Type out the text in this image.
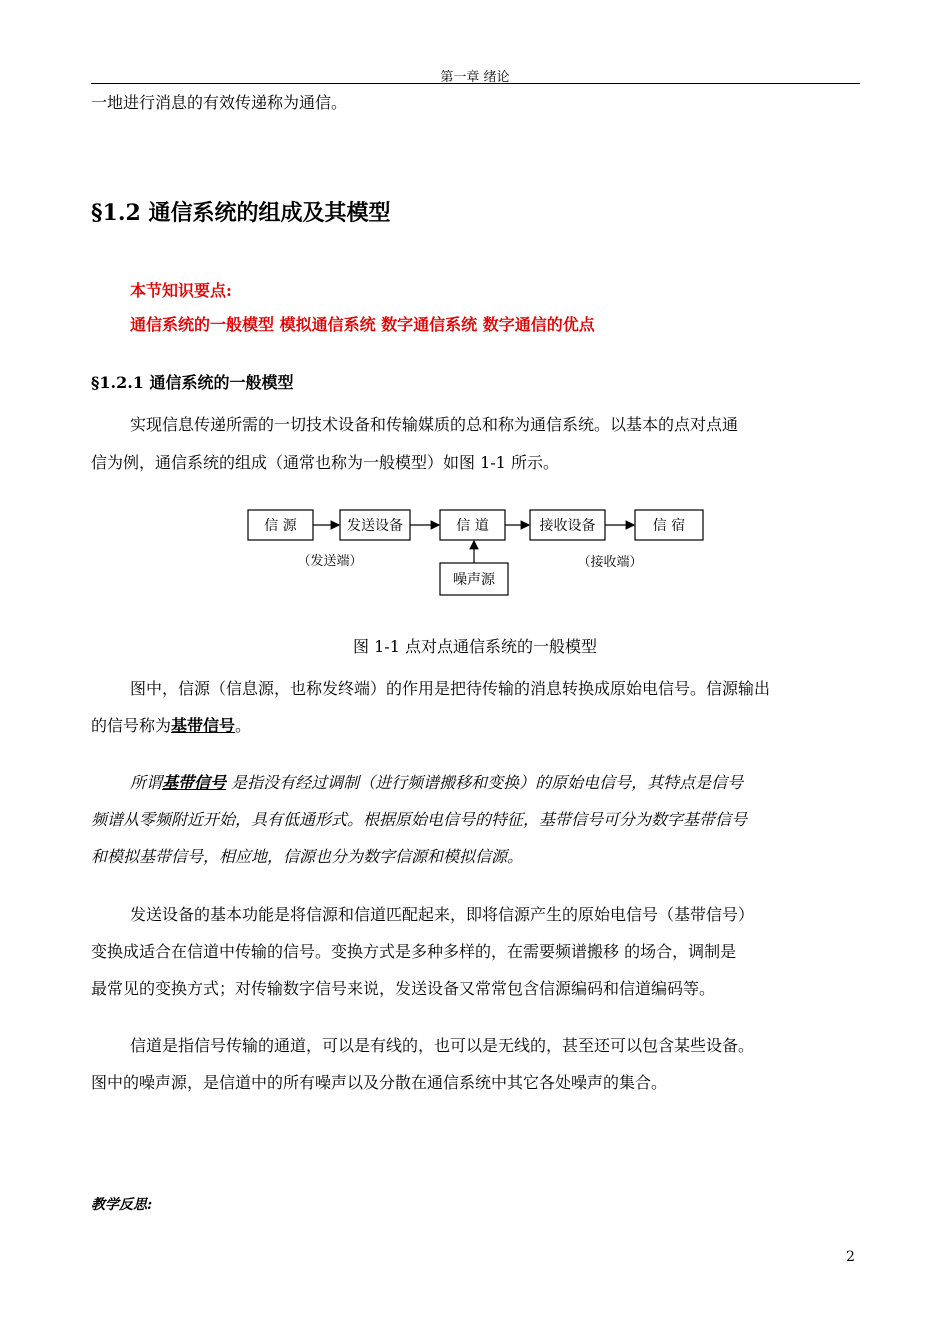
第一章 绪论
一地进行消息的有效传递称为通信。
§1.2 通信系统的组成及其模型
本节知识要点:
通信系统的一般模型 模拟通信系统 数字通信系统 数字通信的优点
§1.2.1 通信系统的一般模型
实现信息传递所需的一切技术设备和传输媒质的总和称为通信系统。以基本的点对点通
信为例，通信系统的组成（通常也称为一般模型）如图 1-1 所示。
信 源	发送设备	信 道	接收设备	信 宿
噪声源
（发送端）	（接收端）
图 1-1 点对点通信系统的一般模型
图中，信源（信息源，也称发终端）的作用是把待传输的消息转换成原始电信号。信源输出
的信号称为基带信号。
所谓基带信号 是指没有经过调制（进行频谱搬移和变换）的原始电信号，其特点是信号
频谱从零频附近开始，具有低通形式。根据原始电信号的特征，基带信号可分为数字基带信号
和模拟基带信号，相应地，信源也分为数字信源和模拟信源。
发送设备的基本功能是将信源和信道匹配起来，即将信源产生的原始电信号（基带信号）
变换成适合在信道中传输的信号。变换方式是多种多样的，在需要频谱搬移 的场合，调制是
最常见的变换方式；对传输数字信号来说，发送设备又常常包含信源编码和信道编码等。
信道是指信号传输的通道，可以是有线的，也可以是无线的，甚至还可以包含某些设备。
图中的噪声源，是信道中的所有噪声以及分散在通信系统中其它各处噪声的集合。
教学反思:
2
